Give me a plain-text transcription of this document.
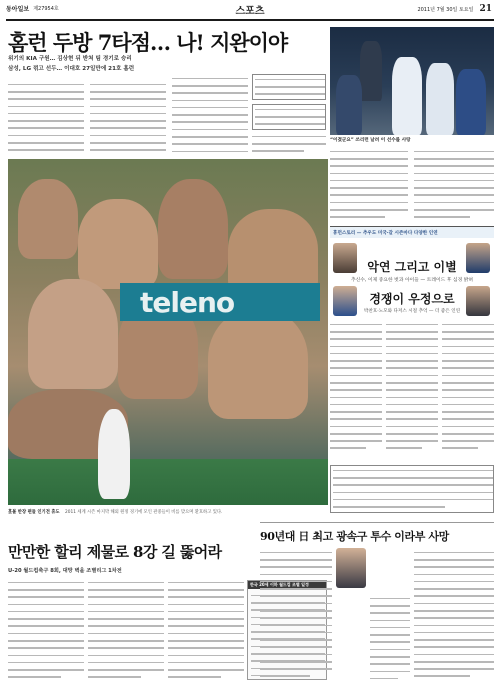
동아일보 제27954호	스포츠	2011년 7월 30일 토요일 21
홈런 두방 7타점… 나! 지완이야
위기의 KIA 구원… 김상현 뒤 받쳐 팀 경기로 승리
삼성, LG 꺾고 선두… 이대호 27일만에 21호 홈런
“이겼군요” 쓰리런 날려 이 선수를 사랑
teleno
홋볼 반장 편들 인기전 휴도 2011 세계 시즌 마지막 해외 원정 경기에 모인 관중들이 비를 맞으며 환호하고 있다.
만만한 할리 제물로 8강 길 뚫어라
U-20 월드컵축구 8회, 대망 벽을 조별리그 1차전
한국 20세 이하 월드컵 조별 일정
휴먼스토리 — 추우도 미국·갈 시즌마다 다양한 인연
악연 그리고 이별
추신수, 이제 중요한 벗과 아이들 — 트레이드 후 심경 밝혀
경쟁이 우정으로
박찬호·노모와 다저스 시절 추억 — 더 좋은 인연
90년대 日 최고 광속구 투수 이라부 사망
